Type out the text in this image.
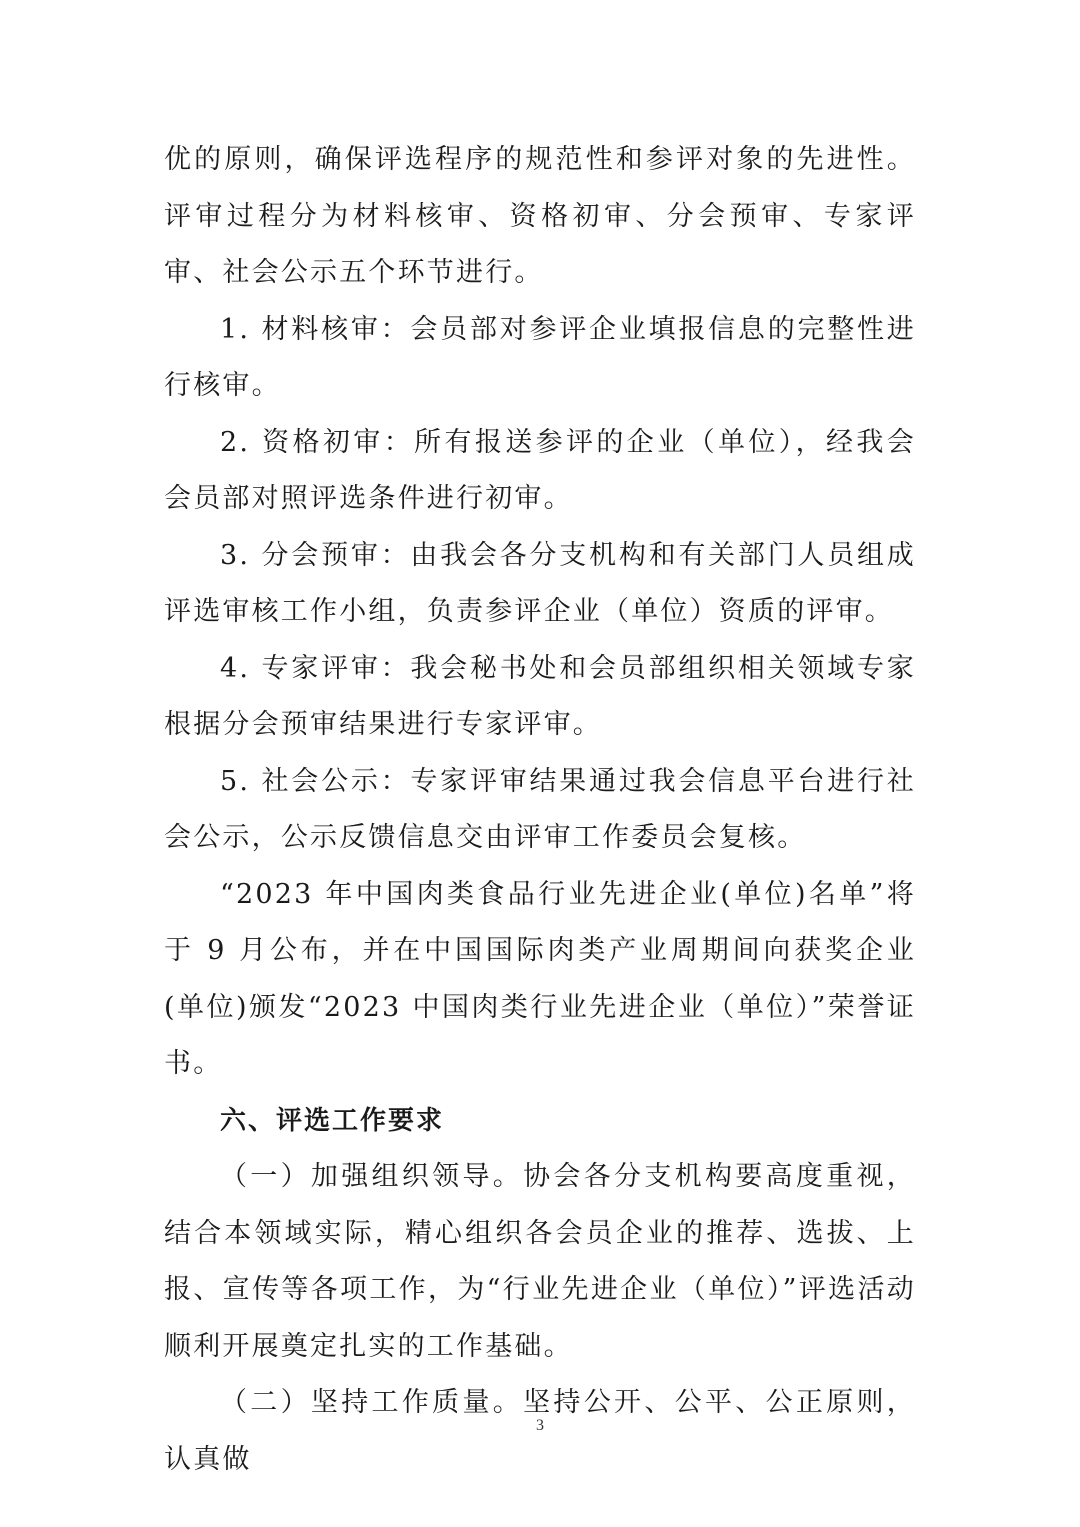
优的原则，确保评选程序的规范性和参评对象的先进性。评审过程分为材料核审、资格初审、分会预审、专家评审、社会公示五个环节进行。

1. 材料核审：会员部对参评企业填报信息的完整性进行核审。

2. 资格初审：所有报送参评的企业（单位），经我会会员部对照评选条件进行初审。

3. 分会预审：由我会各分支机构和有关部门人员组成评选审核工作小组，负责参评企业（单位）资质的评审。

4. 专家评审：我会秘书处和会员部组织相关领域专家根据分会预审结果进行专家评审。

5. 社会公示：专家评审结果通过我会信息平台进行社会公示，公示反馈信息交由评审工作委员会复核。

“2023 年中国肉类食品行业先进企业(单位)名单”将于 9 月公布，并在中国国际肉类产业周期间向获奖企业(单位)颁发“2023 中国肉类行业先进企业（单位）”荣誉证书。

六、评选工作要求

（一）加强组织领导。协会各分支机构要高度重视，结合本领域实际，精心组织各会员企业的推荐、选拔、上报、宣传等各项工作，为“行业先进企业（单位）”评选活动顺利开展奠定扎实的工作基础。

（二）坚持工作质量。坚持公开、公平、公正原则，认真做

3
